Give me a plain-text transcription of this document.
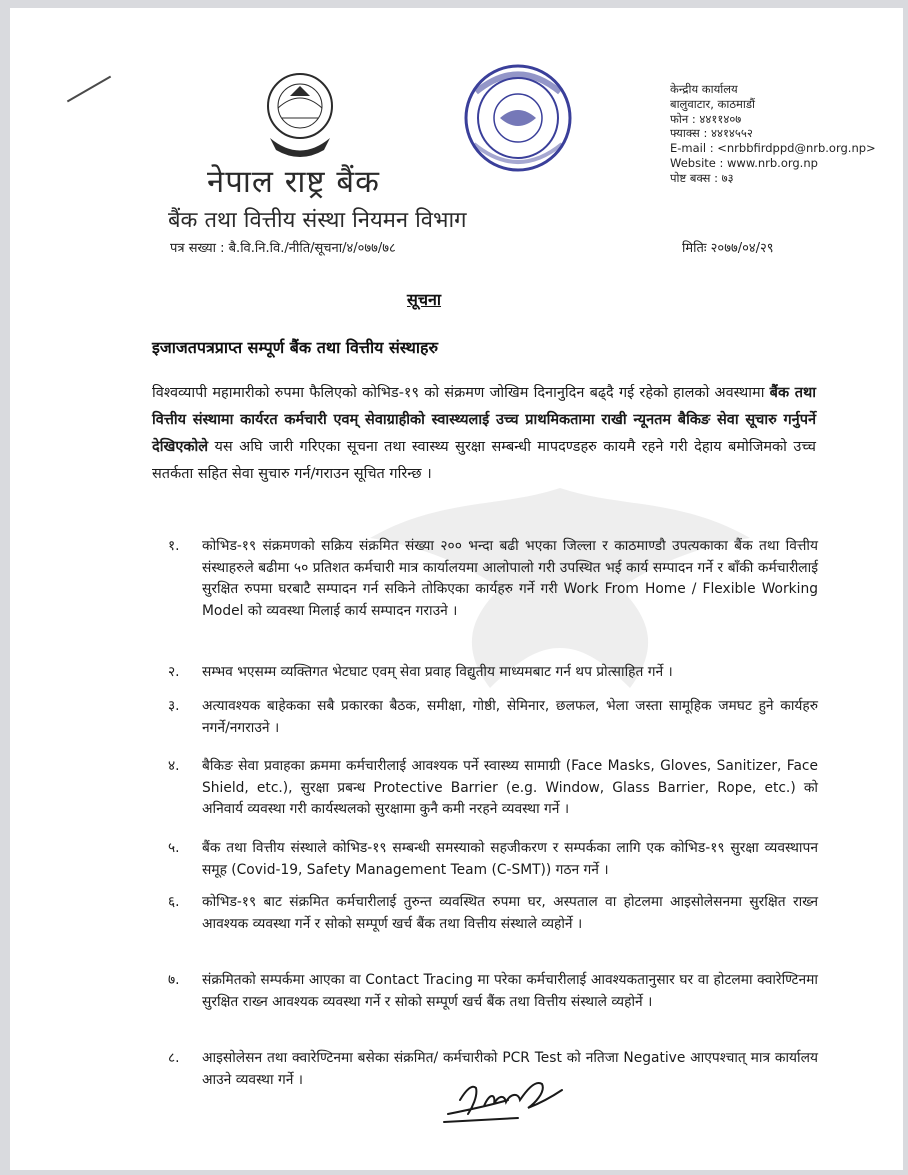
केन्द्रीय कार्यालय
बालुवाटार, काठमाडौं
फोन : ४४११४०७
फ्याक्स : ४४१४५५२
E-mail : <nrbbfirdppd@nrb.org.np>
Website : www.nrb.org.np
पोष्ट बक्स : ७३
नेपाल राष्ट्र बैंक
बैंक तथा वित्तीय संस्था नियमन विभाग
पत्र सख्या : बै.वि.नि.वि./नीति/सूचना/४/०७७/७८	मितिः २०७७/०४/२९
सूचना
इजाजतपत्रप्राप्त सम्पूर्ण बैंक तथा वित्तीय संस्थाहरु
विश्वव्यापी महामारीको रुपमा फैलिएको कोभिड-१९ को संक्रमण जोखिम दिनानुदिन बढ्दै गई रहेको हालको अवस्थामा बैंक तथा वित्तीय संस्थामा कार्यरत कर्मचारी एवम् सेवाग्राहीको स्वास्थ्यलाई उच्च प्राथमिकतामा राखी न्यूनतम बैकिङ सेवा सूचारु गर्नुपर्ने देखिएकोले यस अघि जारी गरिएका सूचना तथा स्वास्थ्य सुरक्षा सम्बन्धी मापदण्डहरु कायमै रहने गरी देहाय बमोजिमको उच्च सतर्कता सहित सेवा सुचारु गर्न/गराउन सूचित गरिन्छ ।
१.	कोभिड-१९ संक्रमणको सक्रिय संक्रमित संख्या २०० भन्दा बढी भएका जिल्ला र काठमाण्डौ उपत्यकाका बैंक तथा वित्तीय संस्थाहरुले बढीमा ५० प्रतिशत कर्मचारी मात्र कार्यालयमा आलोपालो गरी उपस्थित भई कार्य सम्पादन गर्ने र बाँकी कर्मचारीलाई सुरक्षित रुपमा घरबाटै सम्पादन गर्न सकिने तोकिएका कार्यहरु गर्ने गरी Work From Home / Flexible Working Model को व्यवस्था मिलाई कार्य सम्पादन गराउने ।
२.	सम्भव भएसम्म व्यक्तिगत भेटघाट एवम् सेवा प्रवाह विद्युतीय माध्यमबाट गर्न थप प्रोत्साहित गर्ने ।
३.	अत्यावश्यक बाहेकका सबै प्रकारका बैठक, समीक्षा, गोष्ठी, सेमिनार, छलफल, भेला जस्ता सामूहिक जमघट हुने कार्यहरु नगर्ने/नगराउने ।
४.	बैकिङ सेवा प्रवाहका क्रममा कर्मचारीलाई आवश्यक पर्ने स्वास्थ्य सामाग्री (Face Masks, Gloves, Sanitizer, Face Shield, etc.), सुरक्षा प्रबन्ध Protective Barrier (e.g. Window, Glass Barrier, Rope, etc.) को अनिवार्य व्यवस्था गरी कार्यस्थलको सुरक्षामा कुनै कमी नरहने व्यवस्था गर्ने ।
५.	बैंक तथा वित्तीय संस्थाले कोभिड-१९ सम्बन्धी समस्याको सहजीकरण र सम्पर्कका लागि एक कोभिड-१९ सुरक्षा व्यवस्थापन समूह (Covid-19, Safety Management Team (C-SMT)) गठन गर्ने ।
६.	कोभिड-१९ बाट संक्रमित कर्मचारीलाई तुरुन्त व्यवस्थित रुपमा घर, अस्पताल वा होटलमा आइसोलेसनमा सुरक्षित राख्न आवश्यक व्यवस्था गर्ने र सोको सम्पूर्ण खर्च बैंक तथा वित्तीय संस्थाले व्यहोर्ने ।
७.	संक्रमितको सम्पर्कमा आएका वा Contact Tracing मा परेका कर्मचारीलाई आवश्यकतानुसार घर वा होटलमा क्वारेण्टिनमा सुरक्षित राख्न आवश्यक व्यवस्था गर्ने र सोको सम्पूर्ण खर्च बैंक तथा वित्तीय संस्थाले व्यहोर्ने ।
८.	आइसोलेसन तथा क्वारेण्टिनमा बसेका संक्रमित/ कर्मचारीको PCR Test को नतिजा Negative आएपश्चात् मात्र कार्यालय आउने व्यवस्था गर्ने ।
